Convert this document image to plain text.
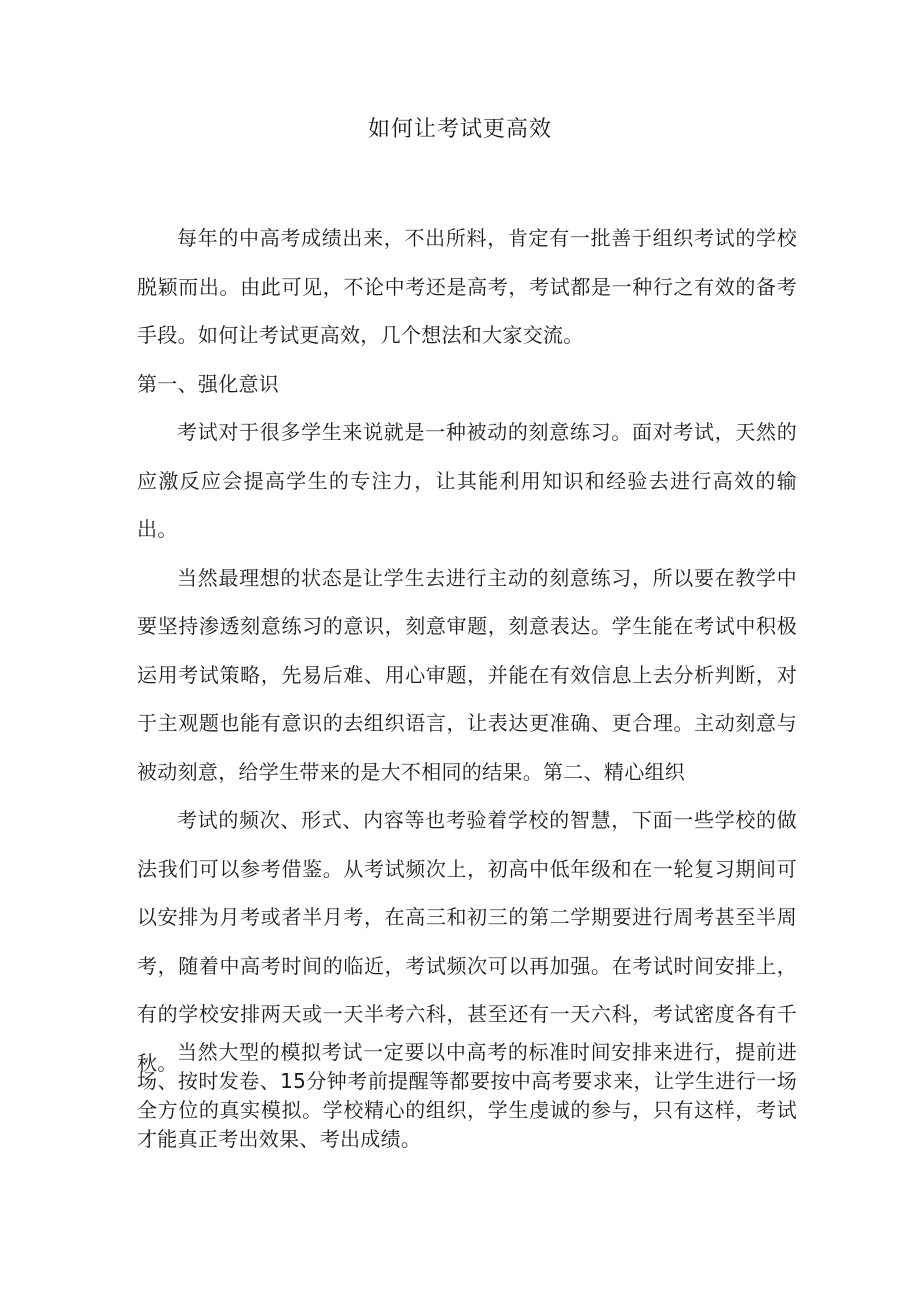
如何让考试更高效

每年的中高考成绩出来，不出所料，肯定有一批善于组织考试的学校脱颖而出。由此可见，不论中考还是高考，考试都是一种行之有效的备考手段。如何让考试更高效，几个想法和大家交流。

第一、强化意识

考试对于很多学生来说就是一种被动的刻意练习。面对考试，天然的应激反应会提高学生的专注力，让其能利用知识和经验去进行高效的输出。

当然最理想的状态是让学生去进行主动的刻意练习，所以要在教学中要坚持渗透刻意练习的意识，刻意审题，刻意表达。学生能在考试中积极运用考试策略，先易后难、用心审题，并能在有效信息上去分析判断，对于主观题也能有意识的去组织语言，让表达更准确、更合理。主动刻意与被动刻意，给学生带来的是大不相同的结果。第二、精心组织

考试的频次、形式、内容等也考验着学校的智慧，下面一些学校的做法我们可以参考借鉴。从考试频次上，初高中低年级和在一轮复习期间可以安排为月考或者半月考，在高三和初三的第二学期要进行周考甚至半周考，随着中高考时间的临近，考试频次可以再加强。在考试时间安排上，有的学校安排两天或一天半考六科，甚至还有一天六科，考试密度各有千秋。 当然大型的模拟考试一定要以中高考的标准时间安排来进行，提前进场、按时发卷、15分钟考前提醒等都要按中高考要求来，让学生进行一场全方位的真实模拟。学校精心的组织，学生虔诚的参与，只有这样，考试才能真正考出效果、考出成绩。
